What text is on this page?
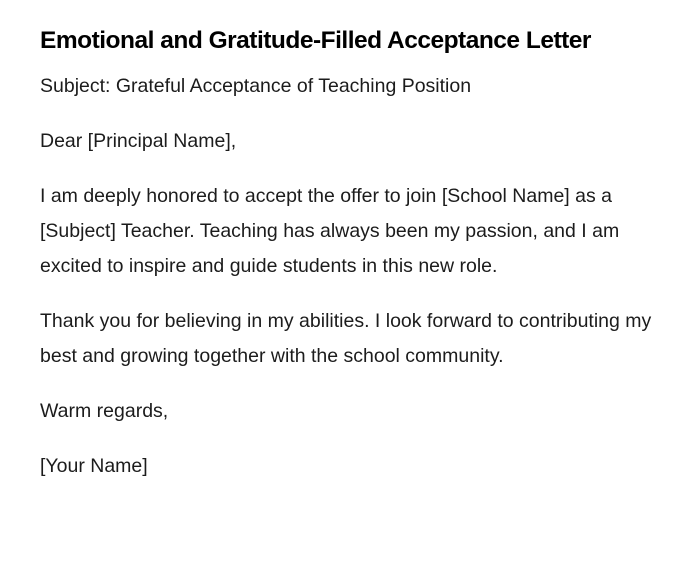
Emotional and Gratitude-Filled Acceptance Letter

Subject: Grateful Acceptance of Teaching Position

Dear [Principal Name],

I am deeply honored to accept the offer to join [School Name] as a [Subject] Teacher. Teaching has always been my passion, and I am excited to inspire and guide students in this new role.

Thank you for believing in my abilities. I look forward to contributing my best and growing together with the school community.

Warm regards,

[Your Name]
